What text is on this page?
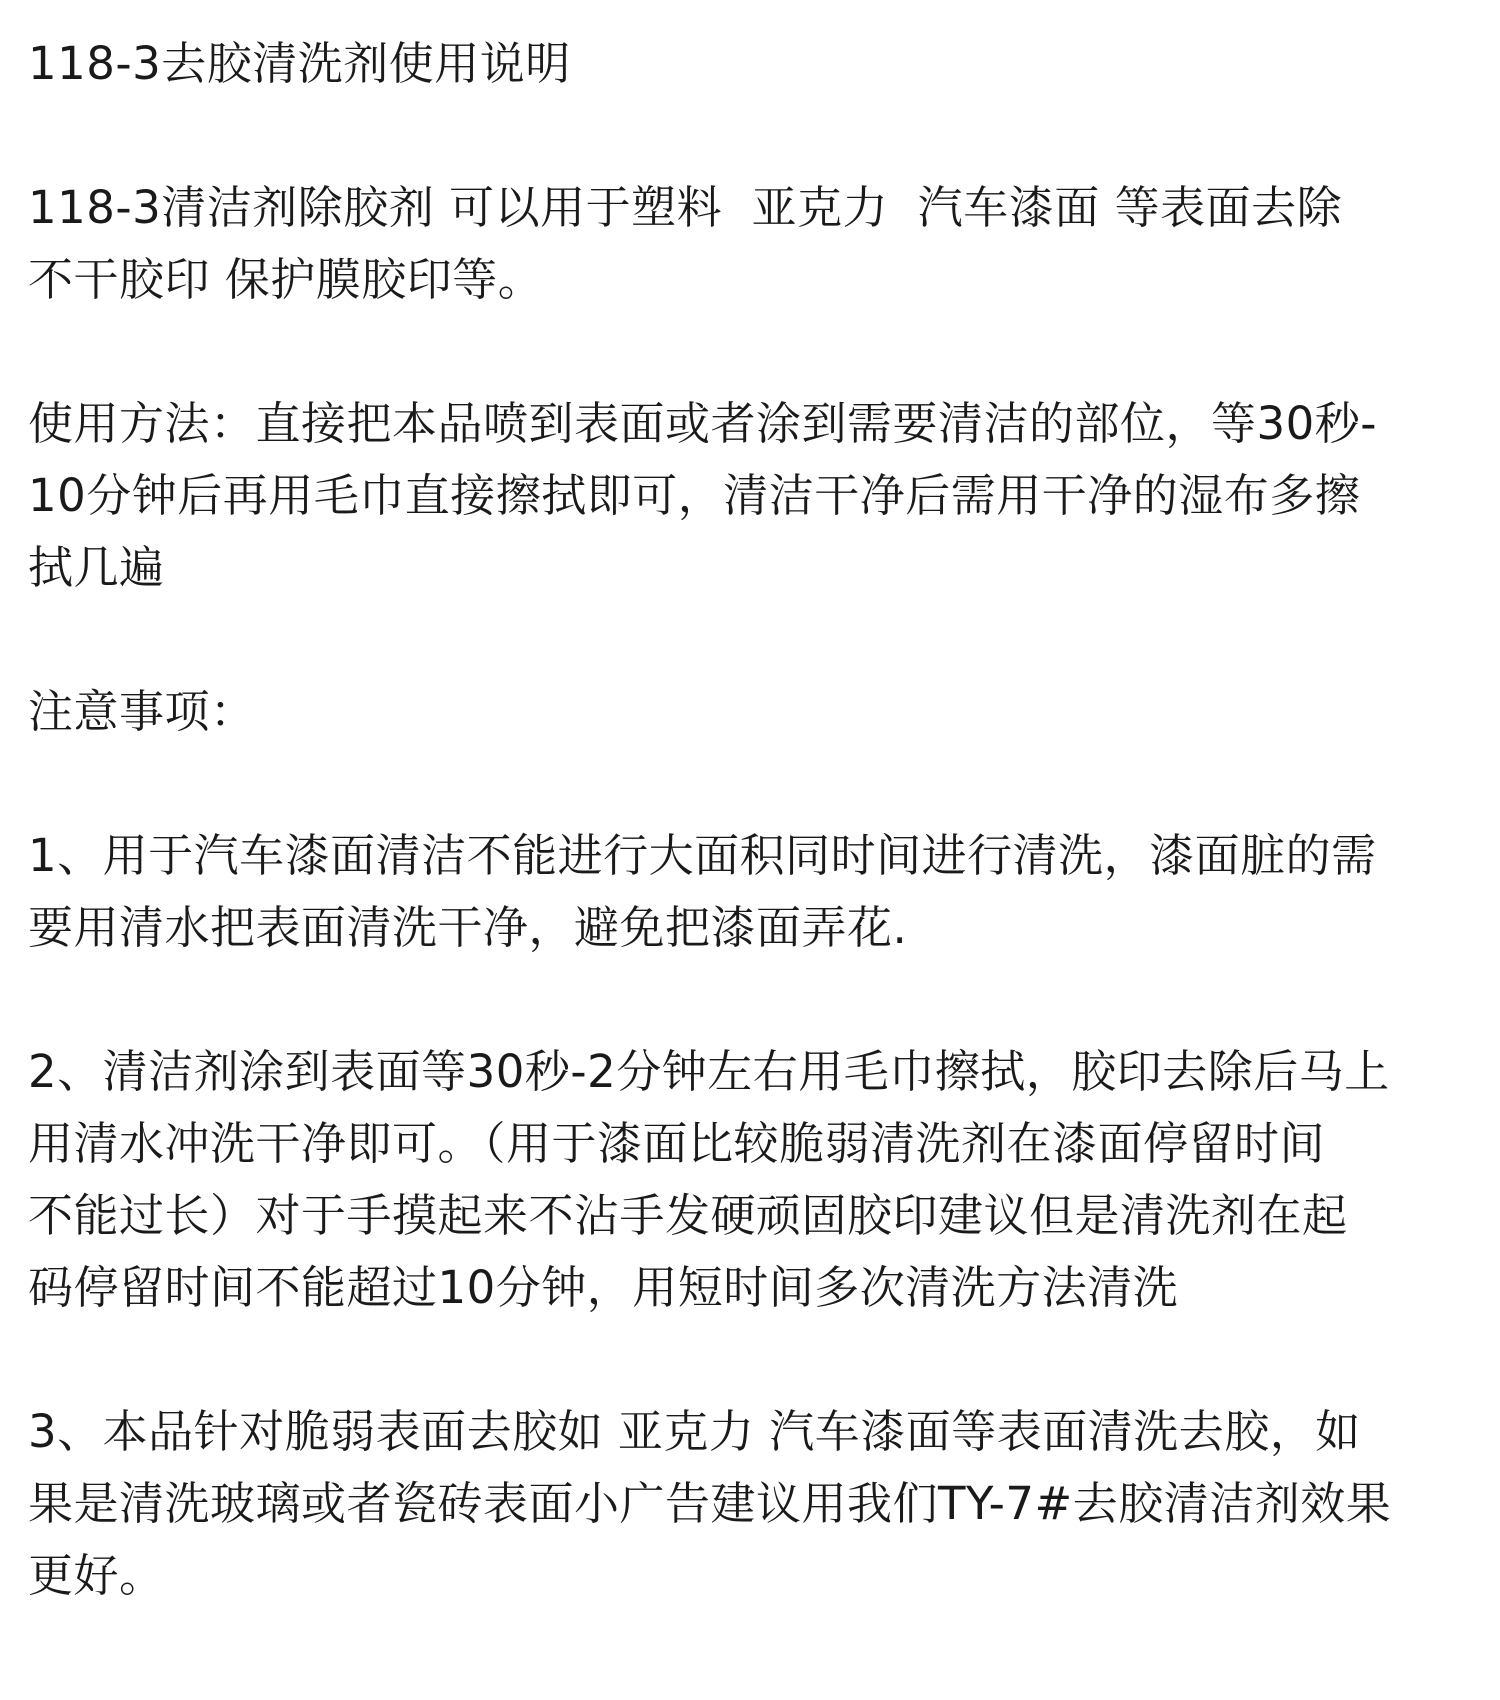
118-3去胶清洗剂使用说明

118-3清洁剂除胶剂 可以用于塑料  亚克力  汽车漆面 等表面去除

不干胶印 保护膜胶印等。

使用方法：直接把本品喷到表面或者涂到需要清洁的部位，等30秒-

10分钟后再用毛巾直接擦拭即可，清洁干净后需用干净的湿布多擦

拭几遍

注意事项：

1、用于汽车漆面清洁不能进行大面积同时间进行清洗，漆面脏的需

要用清水把表面清洗干净，避免把漆面弄花.

2、清洁剂涂到表面等30秒-2分钟左右用毛巾擦拭，胶印去除后马上

用清水冲洗干净即可。（用于漆面比较脆弱清洗剂在漆面停留时间

不能过长）对于手摸起来不沾手发硬顽固胶印建议但是清洗剂在起

码停留时间不能超过10分钟，用短时间多次清洗方法清洗

3、本品针对脆弱表面去胶如 亚克力 汽车漆面等表面清洗去胶，如

果是清洗玻璃或者瓷砖表面小广告建议用我们TY-7#去胶清洁剂效果

更好。
